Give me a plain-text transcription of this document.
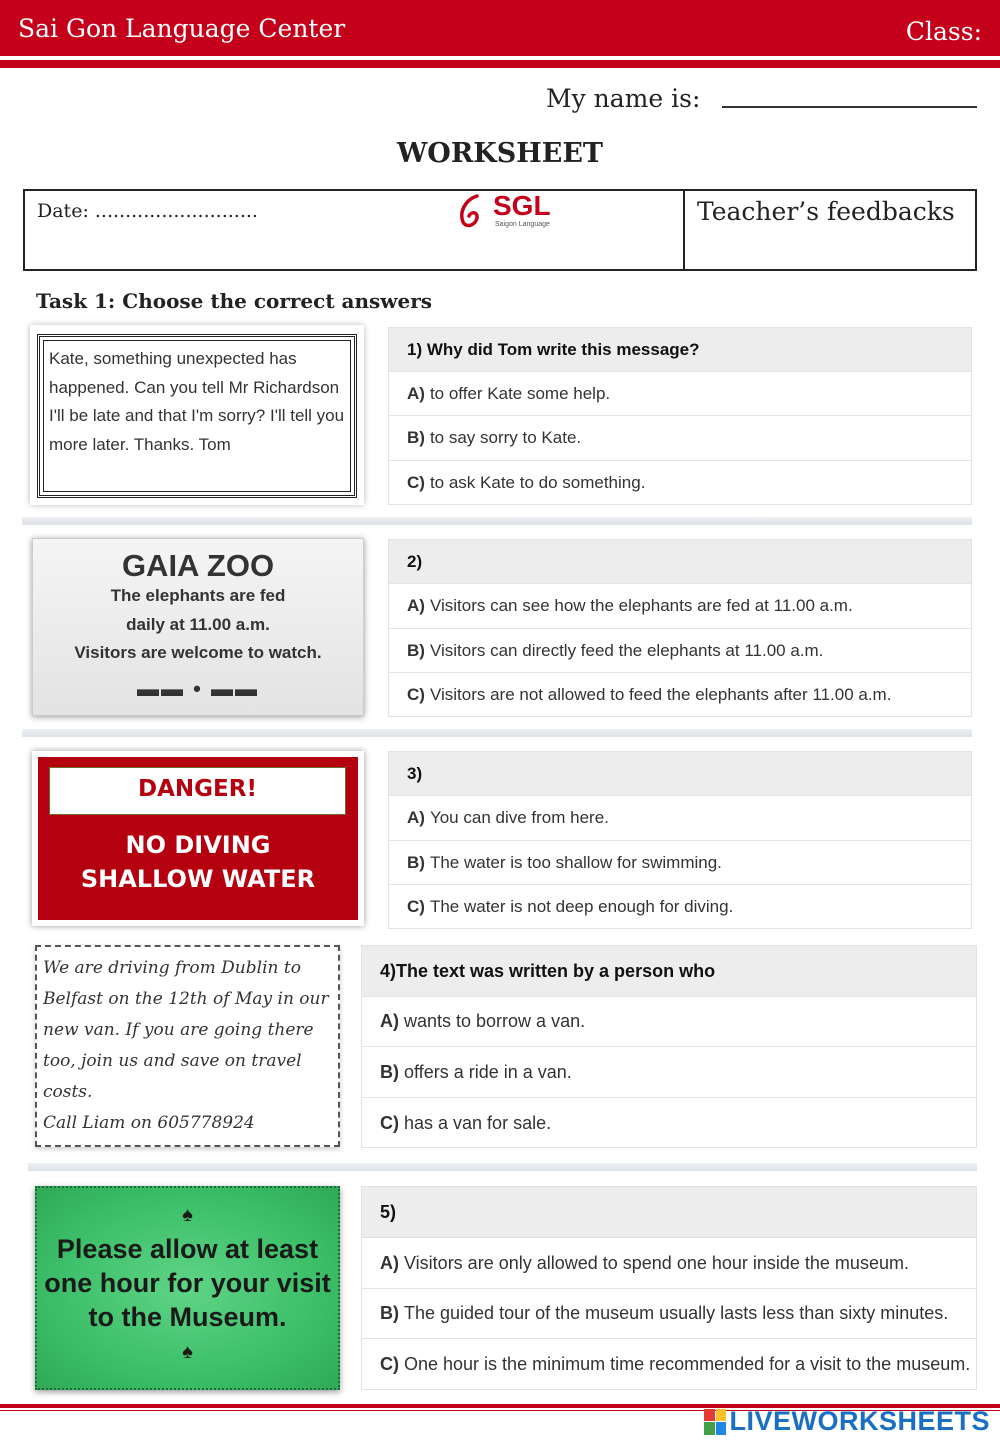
Sai Gon Language Center	Class:
My name is:
WORKSHEET
Date: ...........................	SGL
Saigon Language	Teacher’s feedbacks
Task 1: Choose the correct answers
Kate, something unexpected has happened. Can you tell Mr Richardson I'll be late and that I'm sorry? I'll tell you more later. Thanks. Tom
1) Why did Tom write this message?
A) to offer Kate some help.
B) to say sorry to Kate.
C) to ask Kate to do something.
GAIA ZOO
The elephants are fed
daily at 11.00 a.m.
Visitors are welcome to watch.
▬▬ • ▬▬
2)
A) Visitors can see how the elephants are fed at 11.00 a.m.
B) Visitors can directly feed the elephants at 11.00 a.m.
C) Visitors are not allowed to feed the elephants after 11.00 a.m.
DANGER!
NO DIVING
SHALLOW WATER
3)
A) You can dive from here.
B) The water is too shallow for swimming.
C) The water is not deep enough for diving.
We are driving from Dublin to
Belfast on the 12th of May in our
new van. If you are going there
too, join us and save on travel
costs.
Call Liam on 605778924
4)The text was written by a person who
A) wants to borrow a van.
B) offers a ride in a van.
C) has a van for sale.
♠
Please allow at least
one hour for your visit
to the Museum.
♠
5)
A) Visitors are only allowed to spend one hour inside the museum.
B) The guided tour of the museum usually lasts less than sixty minutes.
C) One hour is the minimum time recommended for a visit to the museum.
LIVEWORKSHEETS
